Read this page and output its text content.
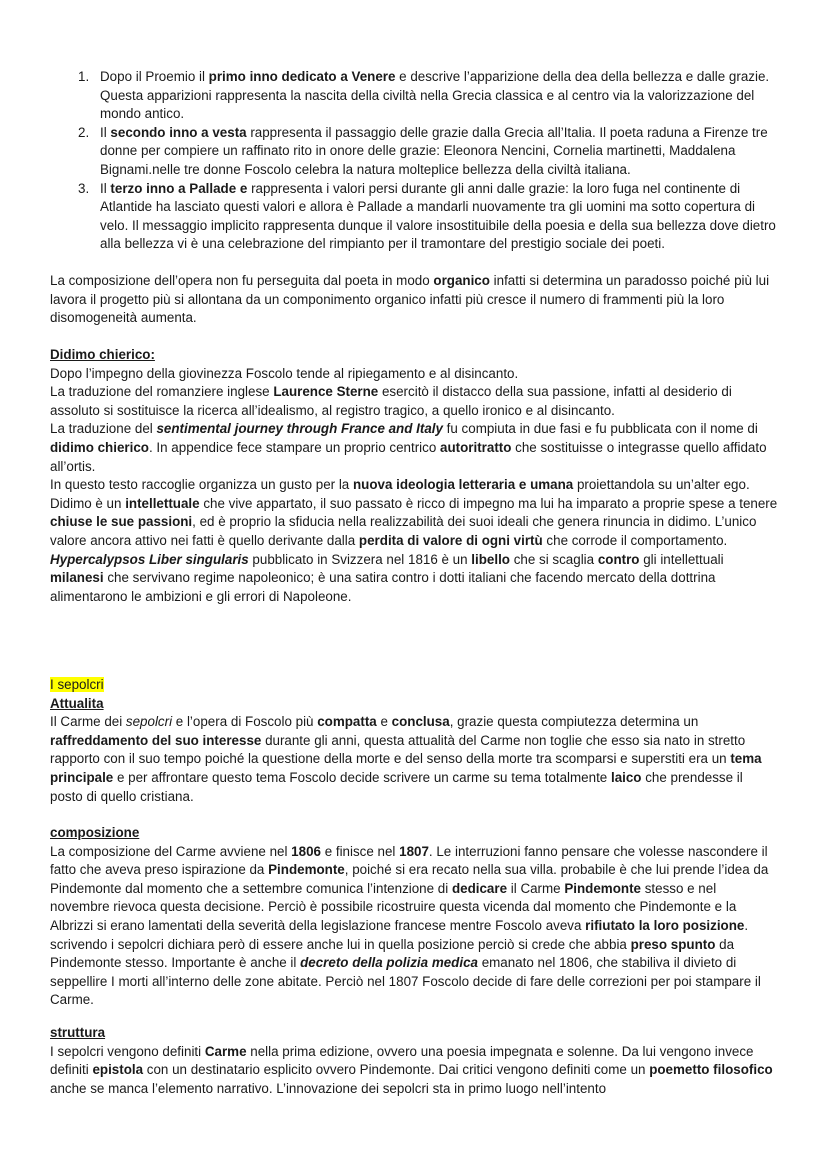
1. Dopo il Proemio il primo inno dedicato a Venere e descrive l’apparizione della dea della bellezza e dalle grazie. Questa apparizioni rappresenta la nascita della civiltà nella Grecia classica e al centro via la valorizzazione del mondo antico.

2. Il secondo inno a vesta rappresenta il passaggio delle grazie dalla Grecia all’Italia. Il poeta raduna a Firenze tre donne per compiere un raffinato rito in onore delle grazie: Eleonora Nencini, Cornelia martinetti, Maddalena Bignami.nelle tre donne Foscolo celebra la natura molteplice bellezza della civiltà italiana.

3. Il terzo inno a Pallade e rappresenta i valori persi durante gli anni dalle grazie: la loro fuga nel continente di Atlantide ha lasciato questi valori e allora è Pallade a mandarli nuovamente tra gli uomini ma sotto copertura di velo. Il messaggio implicito rappresenta dunque il valore insostituibile della poesia e della sua bellezza dove dietro alla bellezza vi è una celebrazione del rimpianto per il tramontare del prestigio sociale dei poeti.

La composizione dell’opera non fu perseguita dal poeta in modo organico infatti si determina un paradosso poiché più lui lavora il progetto più si allontana da un componimento organico infatti più cresce il numero di frammenti più la loro disomogeneità aumenta.

Didimo chierico:

Dopo l’impegno della giovinezza Foscolo tende al ripiegamento e al disincanto.

La traduzione del romanziere inglese Laurence Sterne esercitò il distacco della sua passione, infatti al desiderio di assoluto si sostituisce la ricerca all’idealismo, al registro tragico, a quello ironico e al disincanto.

La traduzione del sentimental journey through France and Italy fu compiuta in due fasi e fu pubblicata con il nome di didimo chierico. In appendice fece stampare un proprio centrico autoritratto che sostituisse o integrasse quello affidato all’ortis.

In questo testo raccoglie organizza un gusto per la nuova ideologia letteraria e umana proiettandola su un’alter ego. Didimo è un intellettuale che vive appartato, il suo passato è ricco di impegno ma lui ha imparato a proprie spese a tenere chiuse le sue passioni, ed è proprio la sfiducia nella realizzabilità dei suoi ideali che genera rinuncia in didimo. L’unico valore ancora attivo nei fatti è quello derivante dalla perdita di valore di ogni virtù che corrode il comportamento.

Hypercalypsos Liber singularis pubblicato in Svizzera nel 1816 è un libello che si scaglia contro gli intellettuali milanesi che servivano regime napoleonico; è una satira contro i dotti italiani che facendo mercato della dottrina alimentarono le ambizioni e gli errori di Napoleone.

I sepolcri

Attualita

Il Carme dei sepolcri e l’opera di Foscolo più compatta e conclusa, grazie questa compiutezza determina un raffreddamento del suo interesse durante gli anni, questa attualità del Carme non toglie che esso sia nato in stretto rapporto con il suo tempo poiché la questione della morte e del senso della morte tra scomparsi e superstiti era un tema principale e per affrontare questo tema Foscolo decide scrivere un carme su tema totalmente laico che prendesse il posto di quello cristiana.

composizione

La composizione del Carme avviene nel 1806 e finisce nel 1807. Le interruzioni fanno pensare che volesse nascondere il fatto che aveva preso ispirazione da Pindemonte, poiché si era recato nella sua villa. probabile è che lui prende l’idea da Pindemonte dal momento che a settembre comunica l’intenzione di dedicare il Carme Pindemonte stesso e nel novembre rievoca questa decisione. Perciò è possibile ricostruire questa vicenda dal momento che Pindemonte e la Albrizzi si erano lamentati della severità della legislazione francese mentre Foscolo aveva rifiutato la loro posizione. scrivendo i sepolcri dichiara però di essere anche lui in quella posizione perciò si crede che abbia preso spunto da Pindemonte stesso. Importante è anche il decreto della polizia medica emanato nel 1806, che stabiliva il divieto di seppellire I morti all’interno delle zone abitate. Perciò nel 1807 Foscolo decide di fare delle correzioni per poi stampare il Carme.

struttura

I sepolcri vengono definiti Carme nella prima edizione, ovvero una poesia impegnata e solenne. Da lui vengono invece definiti epistola con un destinatario esplicito ovvero Pindemonte. Dai critici vengono definiti come un poemetto filosofico anche se manca l’elemento narrativo. L’innovazione dei sepolcri sta in primo luogo nell’intento
